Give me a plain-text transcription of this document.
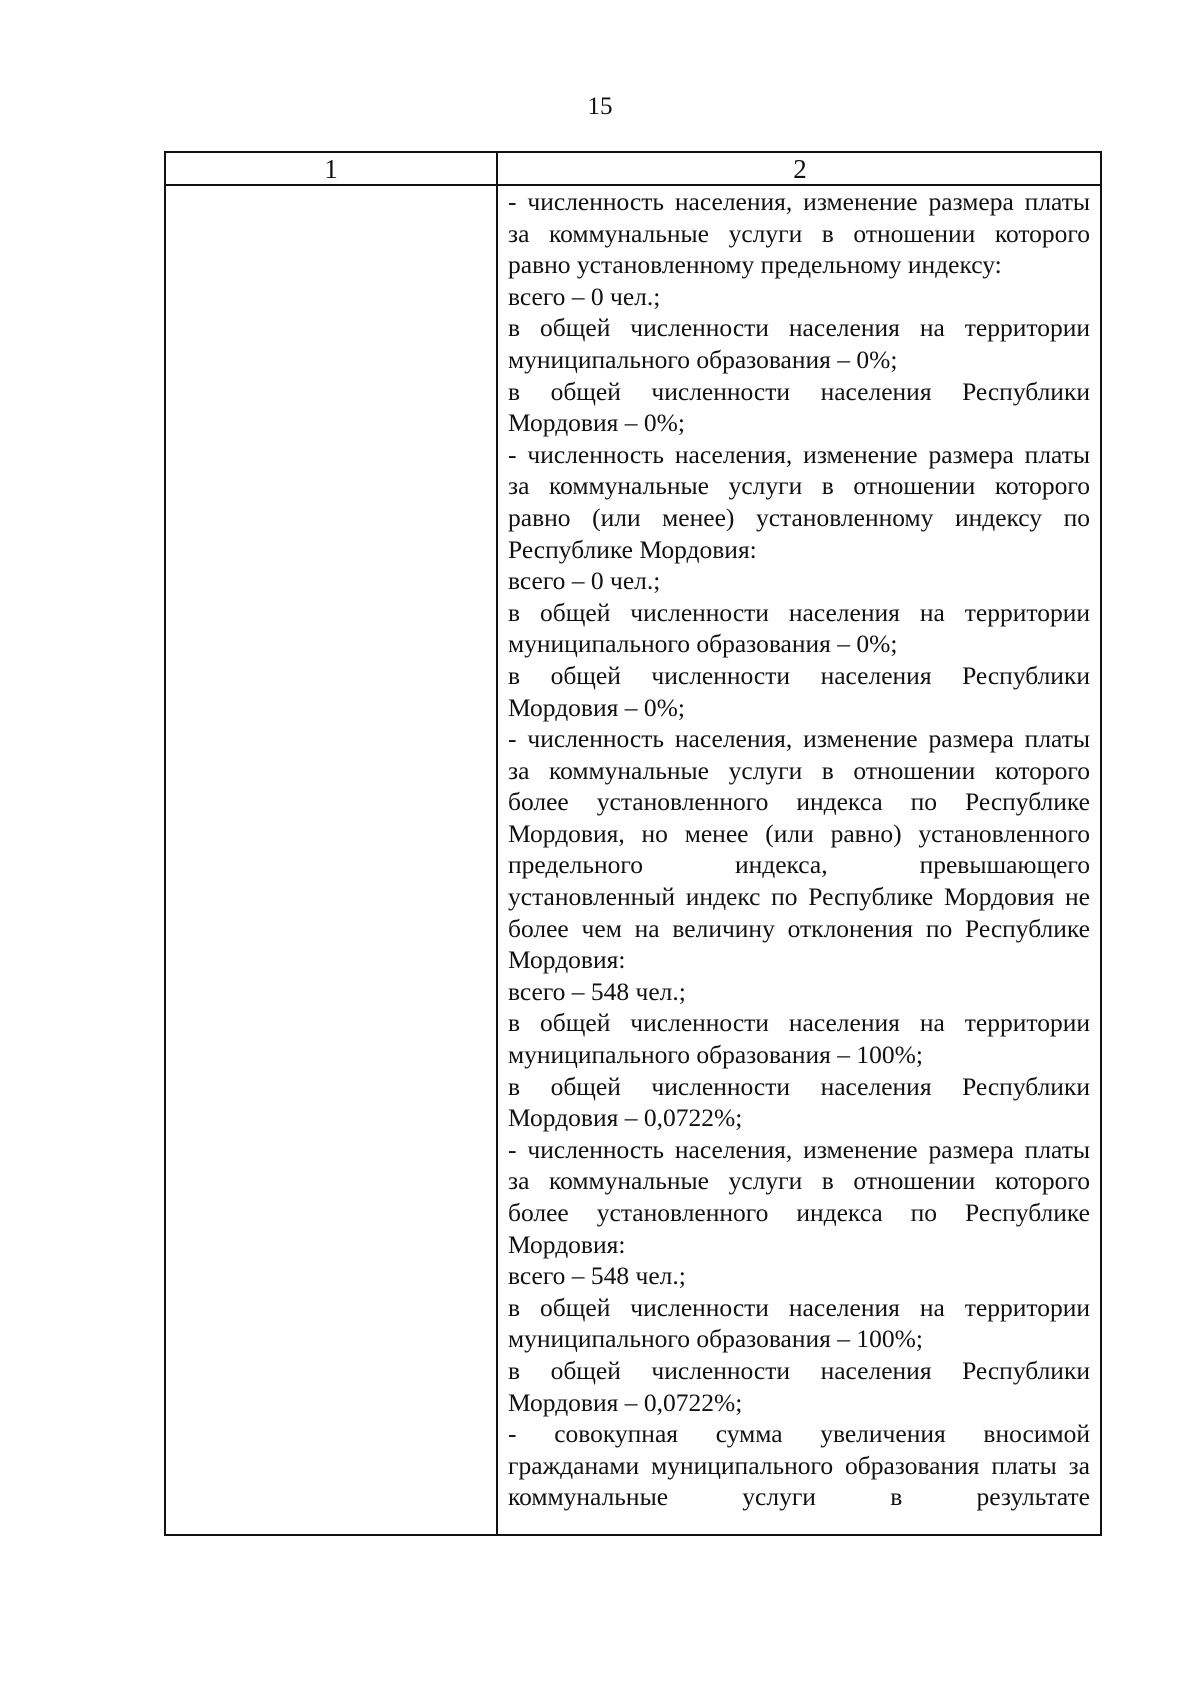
15
1	2

- численность населения, изменение размера платы за коммунальные услуги в отношении которого равно установленному предельному индексу:

всего – 0 чел.;

в общей численности населения на территории муниципального образования – 0%;

в общей численности населения Республики Мордовия – 0%;

- численность населения, изменение размера платы за коммунальные услуги в отношении которого равно (или менее) установленному индексу по Республике Мордовия:

всего – 0 чел.;

в общей численности населения на территории муниципального образования – 0%;

в общей численности населения Республики Мордовия – 0%;

- численность населения, изменение размера платы за коммунальные услуги в отношении которого более установленного индекса по Республике Мордовия, но менее (или равно) установленного предельного индекса, превышающего установленный индекс по Республике Мордовия не более чем на величину отклонения по Республике Мордовия:

всего – 548 чел.;

в общей численности населения на территории муниципального образования – 100%;

в общей численности населения Республики Мордовия – 0,0722%;

- численность населения, изменение размера платы за коммунальные услуги в отношении которого более установленного индекса по Республике Мордовия:

всего – 548 чел.;

в общей численности населения на территории муниципального образования – 100%;

в общей численности населения Республики Мордовия – 0,0722%;

- совокупная сумма увеличения вносимой гражданами муниципального образования платы за коммунальные услуги в результате
